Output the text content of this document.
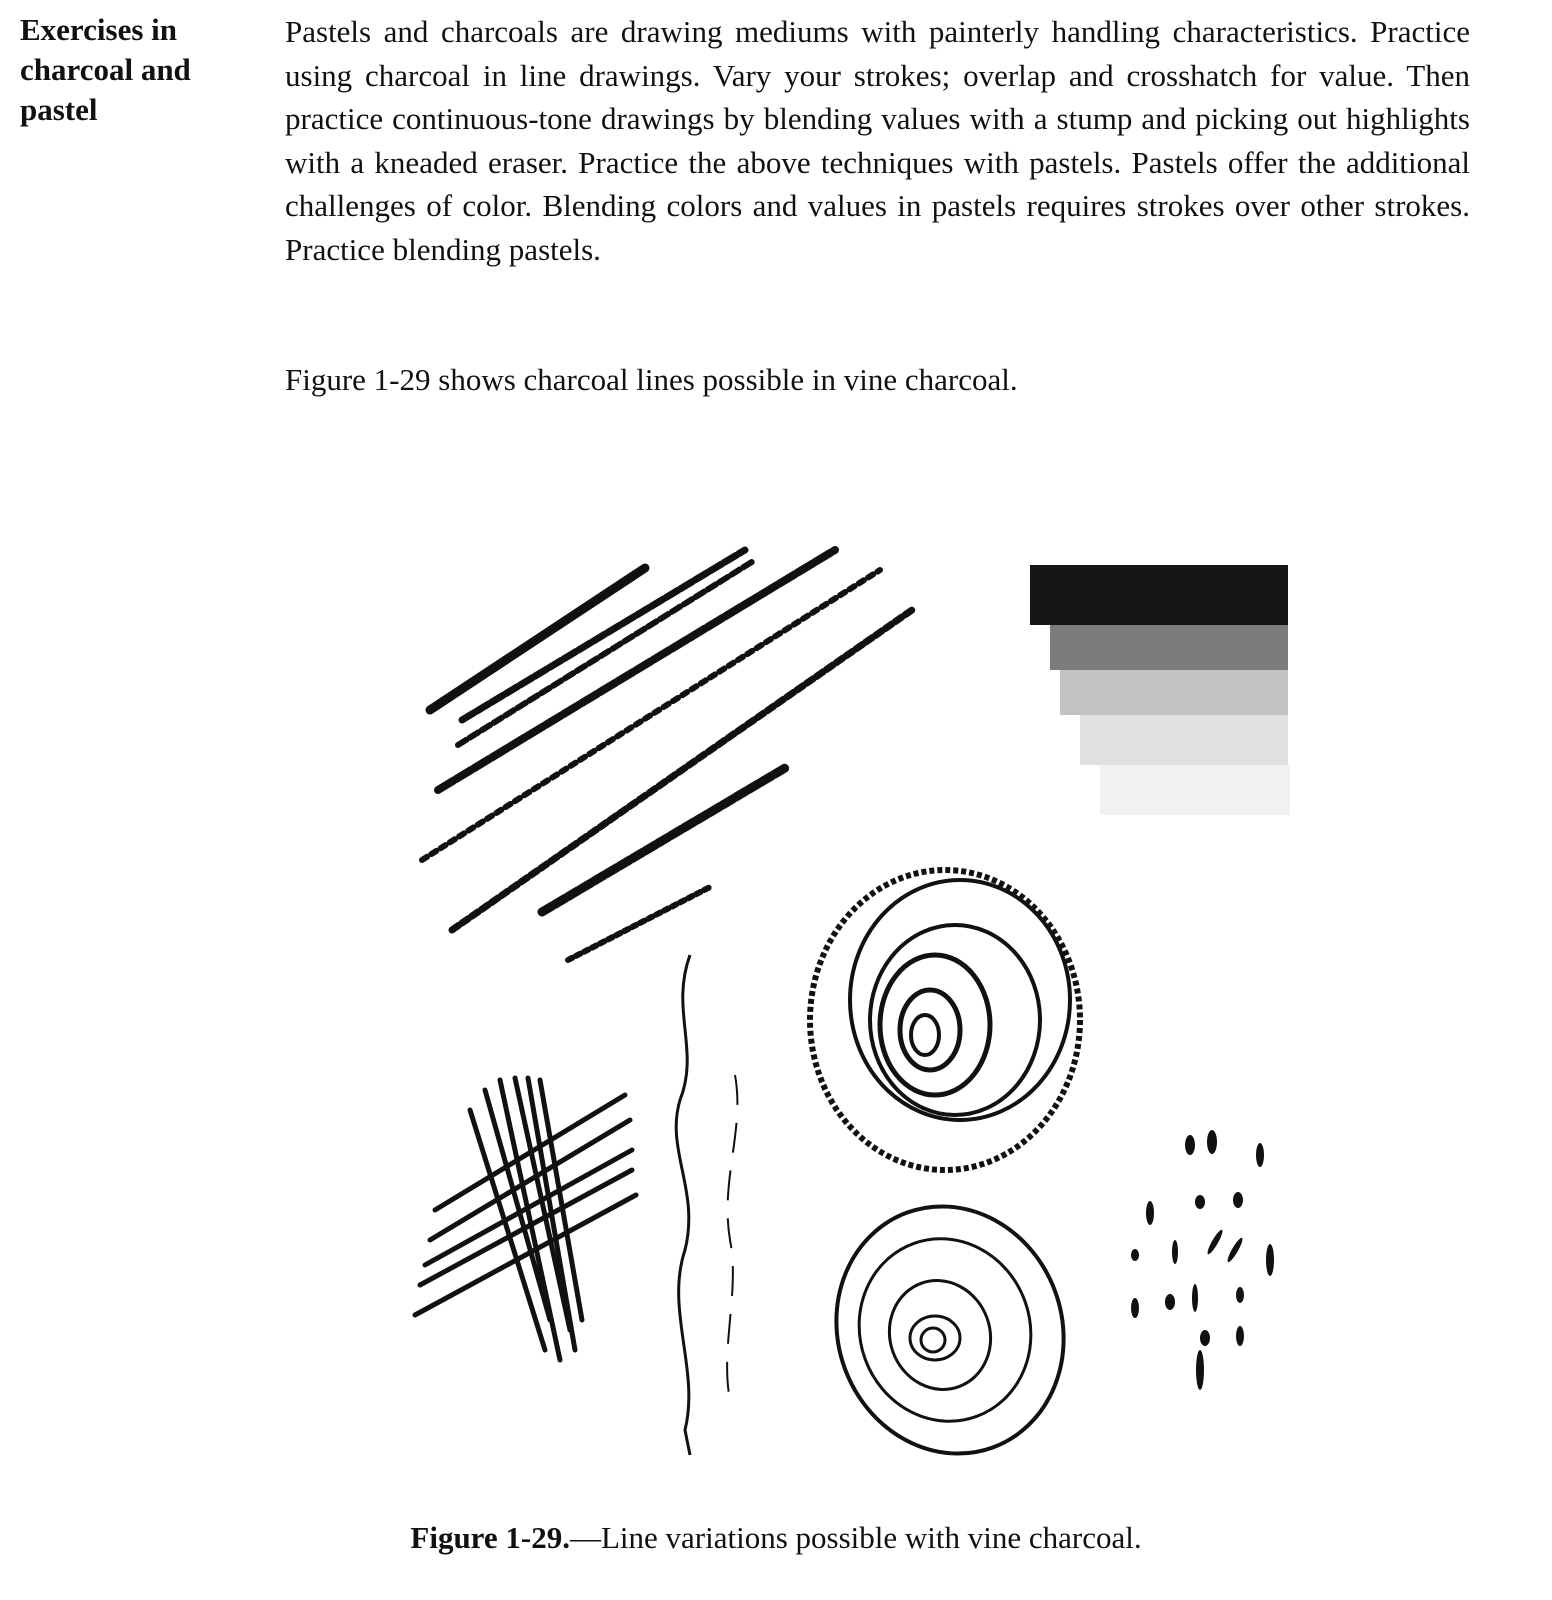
Exercises in charcoal and pastel
Pastels and charcoals are drawing mediums with painterly handling characteristics. Practice using charcoal in line drawings. Vary your strokes; overlap and crosshatch for value. Then practice continuous-tone drawings by blending values with a stump and picking out highlights with a kneaded eraser. Practice the above techniques with pastels. Pastels offer the additional challenges of color. Blending colors and values in pastels requires strokes over other strokes. Practice blending pastels.
Figure 1-29 shows charcoal lines possible in vine charcoal.
Figure 1-29.—Line variations possible with vine charcoal.
